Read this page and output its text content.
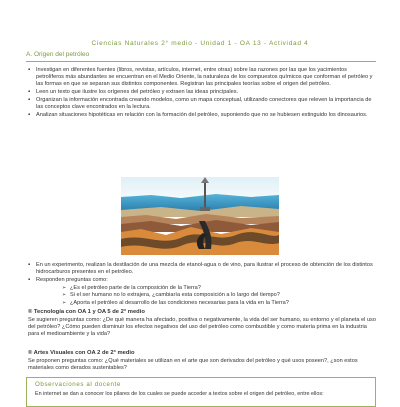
Ciencias Naturales 2° medio - Unidad 1 - OA 13 - Actividad 4
A. Origen del petróleo
▪ Investigan en diferentes fuentes (libros, revistas, artículos, internet, entre otras) sobre las razones por las que los yacimientos petrolíferos más abundantes se encuentran en el Medio Oriente, la naturaleza de los compuestos químicos que conforman el petróleo y las formas en que se separan sus distintos componentes. Registran las principales teorías sobre el origen del petróleo.
▪ Leen un texto que ilustre los orígenes del petróleo y extraen las ideas principales.
▪ Organizan la información encontrada creando modelos, como un mapa conceptual, utilizando conectores que releven la importancia de las conceptos clave encontrados en la lectura.
▪ Analizan situaciones hipotéticas en relación con la formación del petróleo, suponiendo que no se hubiesen extinguido los dinosaurios.
▪ En un experimento, realizan la destilación de una mezcla de etanol-agua o de vino, para ilustrar el proceso de obtención de los distintos hidrocarburos presentes en el petróleo.
▪ Responden preguntas como:
➢ ¿Es el petróleo parte de la composición de la Tierra?
➢ Si el ser humano no lo extrajera, ¿cambiaría esta composición a lo largo del tiempo?
➢ ¿Aporta el petróleo al desarrollo de las condiciones necesarias para la vida en la Tierra?
® Tecnología con OA 1 y OA 5 de 2° medio

Se sugieren preguntas como: ¿De qué manera ha afectado, positiva o negativamente, la vida del ser humano, su entorno y el planeta el uso del petróleo? ¿Cómo pueden disminuir los efectos negativos del uso del petróleo como combustible y como materia prima en la industria para el medioambiente y la vida?

® Artes Visuales con OA 2 de 2° medio

Se proponen preguntas como: ¿Qué materiales se utilizan en el arte que son derivados del petróleo y qué usos poseen?, ¿son estos materiales como derados sustentables?

Observaciones al docente

En internet se dan a conocer los pilares de los cuales se puede acceder a textos sobre el origen del petróleo, entre ellos:
